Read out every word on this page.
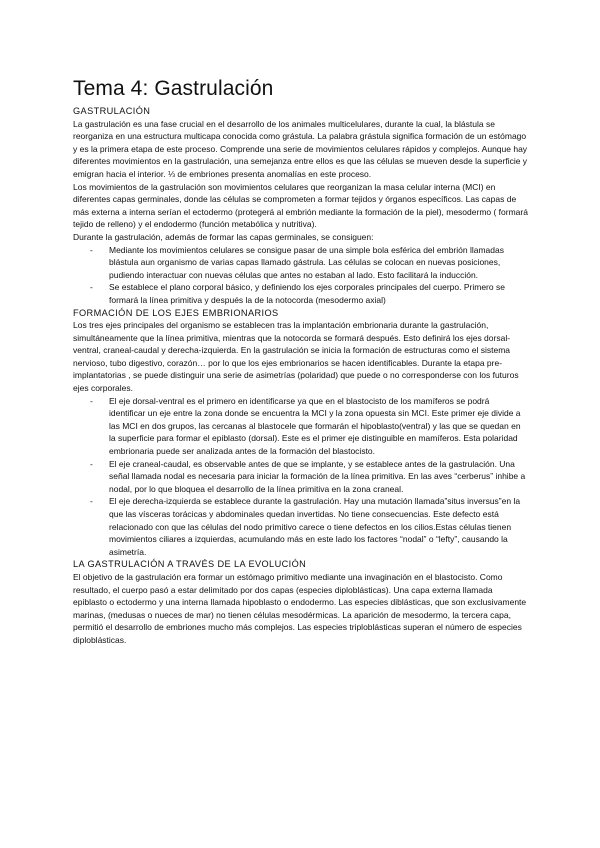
Tema 4: Gastrulación
GASTRULACIÓN

La gastrulación es una fase crucial en el desarrollo de los animales multicelulares, durante la cual, la blástula se reorganiza en una estructura multicapa conocida como grástula. La palabra grástula significa formación de un estómago y es la primera etapa de este proceso. Comprende una serie de movimientos celulares rápidos y complejos. Aunque hay diferentes movimientos en la gastrulación, una semejanza entre ellos es que las células se mueven desde la superficie y emigran hacia el interior. ⅓ de embriones presenta anomalías en este proceso.

Los movimientos de la gastrulación son movimientos celulares que reorganizan la masa celular interna (MCI) en diferentes capas germinales, donde las células se comprometen a formar tejidos y órganos específicos. Las capas de más externa a interna serían el ectodermo (protegerá al embrión mediante la formación de la piel), mesodermo ( formará tejido de relleno) y el endodermo (función metabólica y nutritiva).

Durante la gastrulación, además de formar las capas germinales, se consiguen:

- Mediante los movimientos celulares se consigue pasar de una simple bola esférica del embrión llamadas blástula aun organismo de varias capas llamado gástrula. Las células se colocan en nuevas posiciones, pudiendo interactuar con nuevas células que antes no estaban al lado. Esto facilitará la inducción.
- Se establece el plano corporal básico, y definiendo los ejes corporales principales del cuerpo. Primero se formará la línea primitiva y después la de la notocorda (mesodermo axial)
FORMACIÓN DE LOS EJES EMBRIONARIOS

Los tres ejes principales del organismo se establecen tras la implantación embrionaria durante la gastrulación, simultáneamente que la línea primitiva, mientras que la notocorda se formará después. Esto definirá los ejes dorsal-ventral, craneal-caudal y derecha-izquierda. En la gastrulación se inicia la formación de estructuras como el sistema nervioso, tubo digestivo, corazón… por lo que los ejes embrionarios se hacen identificables. Durante la etapa pre-implantatorias , se puede distinguir una serie de asimetrías (polaridad) que puede o no corresponderse con los futuros ejes corporales.

- El eje dorsal-ventral es el primero en identificarse ya que en el blastocisto de los mamíferos se podrá identificar un eje entre la zona donde se encuentra la MCI y la zona opuesta sin MCI. Este primer eje divide a las MCI en dos grupos, las cercanas al blastocele que formarán el hipoblasto(ventral) y las que se quedan en la superficie para formar el epiblasto (dorsal). Este es el primer eje distinguible en mamíferos. Esta polaridad embrionaria puede ser analizada antes de la formación del blastocisto.
- El eje craneal-caudal, es observable antes de que se implante, y se establece antes de la gastrulación. Una señal llamada nodal es necesaria para iniciar la formación de la línea primitiva. En las aves “cerberus” inhibe a nodal, por lo que bloquea el desarrollo de la línea primitiva en la zona craneal.
- El eje derecha-izquierda se establece durante la gastrulación. Hay una mutación llamada”situs inversus”en la que las vísceras torácicas y abdominales quedan invertidas. No tiene consecuencias. Este defecto está relacionado con que las células del nodo primitivo carece o tiene defectos en los cilios.Estas células tienen movimientos ciliares a izquierdas, acumulando más en este lado los factores “nodal” o “lefty”, causando la asimetría.
LA GASTRULACIÓN A TRAVÉS DE LA EVOLUCIÓN

El objetivo de la gastrulación era formar un estómago primitivo mediante una invaginación en el blastocisto. Como resultado, el cuerpo pasó a estar delimitado por dos capas (especies diploblásticas). Una capa externa llamada epiblasto o ectodermo y una interna llamada hipoblasto o endodermo. Las especies diblásticas, que son exclusivamente marinas, (medusas o nueces de mar) no tienen células mesodérmicas. La aparición de mesodermo, la tercera capa, permitió el desarrollo de embriones mucho más complejos. Las especies triploblásticas superan el número de especies diploblásticas.
